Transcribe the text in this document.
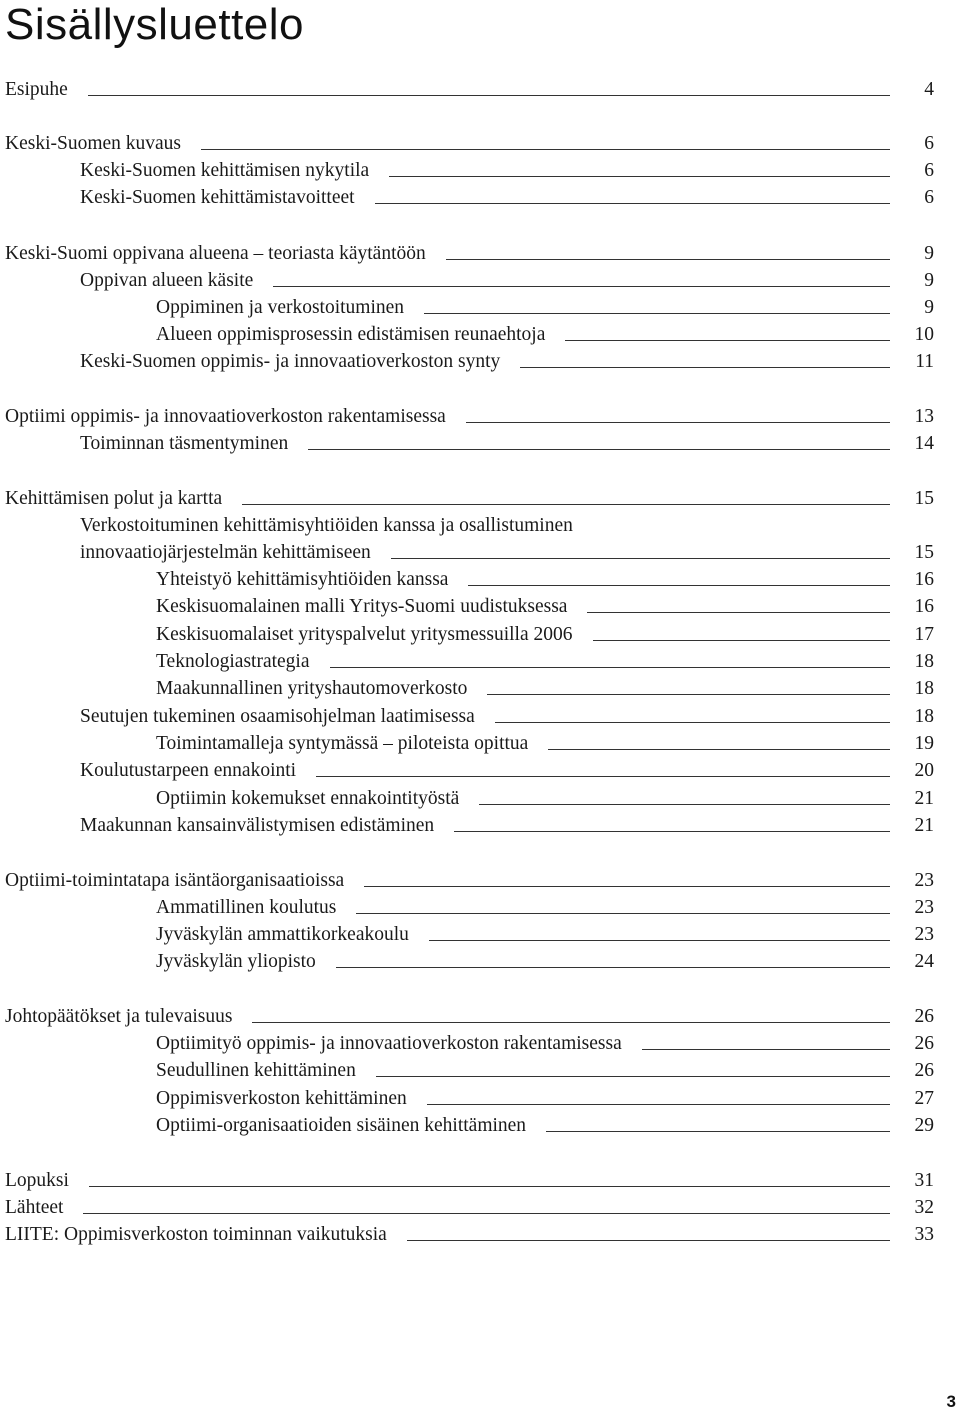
Sisällysluettelo
Esipuhe	4
Keski-Suomen kuvaus	6
Keski-Suomen kehittämisen nykytila	6
Keski-Suomen kehittämistavoitteet	6
Keski-Suomi oppivana alueena – teoriasta käytäntöön	9
Oppivan alueen käsite	9
Oppiminen ja verkostoituminen	9
Alueen oppimisprosessin edistämisen reunaehtoja	10
Keski-Suomen oppimis- ja innovaatioverkoston synty	11
Optiimi oppimis- ja innovaatioverkoston rakentamisessa	13
Toiminnan täsmentyminen	14
Kehittämisen polut ja kartta	15
Verkostoituminen kehittämisyhtiöiden kanssa ja osallistuminen
innovaatiojärjestelmän kehittämiseen	15
Yhteistyö kehittämisyhtiöiden kanssa	16
Keskisuomalainen malli Yritys-Suomi uudistuksessa	16
Keskisuomalaiset yrityspalvelut yritysmessuilla 2006	17
Teknologiastrategia	18
Maakunnallinen yrityshautomoverkosto	18
Seutujen tukeminen osaamisohjelman laatimisessa	18
Toimintamalleja syntymässä – piloteista opittua	19
Koulutustarpeen ennakointi	20
Optiimin kokemukset ennakointityöstä	21
Maakunnan kansainvälistymisen edistäminen	21
Optiimi-toimintatapa isäntäorganisaatioissa	23
Ammatillinen koulutus	23
Jyväskylän ammattikorkeakoulu	23
Jyväskylän yliopisto	24
Johtopäätökset ja tulevaisuus	26
Optiimityö oppimis- ja innovaatioverkoston rakentamisessa	26
Seudullinen kehittäminen	26
Oppimisverkoston kehittäminen	27
Optiimi-organisaatioiden sisäinen kehittäminen	29
Lopuksi	31
Lähteet	32
LIITE: Oppimisverkoston toiminnan vaikutuksia	33
3
